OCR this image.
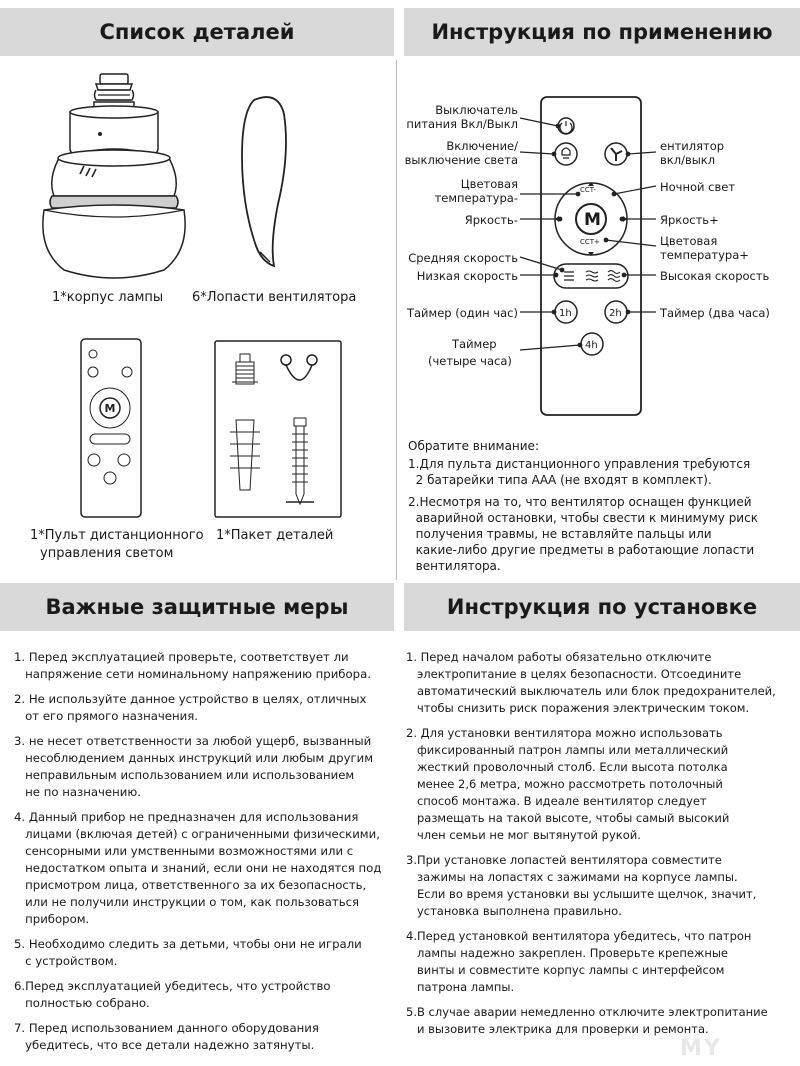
Список деталей	Инструкция по применению
Важные защитные меры	Инструкция по установке
1*корпус лампы 6*Лопасти вентилятора
M
1*Пульт дистанционного
управления светом
1*Пакет деталей
M
CCT-
CCT+
1h	2h
4h
Выключатель
питания Вкл/Выкл
Включение/
выключение света
Цветовая
температура-
Яркость-
Средняя скорость
Низкая скорость
Таймер (один час)
Таймер
(четыре часа)
ентилятор
вкл/выкл
Ночной свет
Яркость+
Цветовая
температура+
Высокая скорость
Таймер (два часа)
Обратите внимание:
1.Для пульта дистанционного управления требуются
2 батарейки типа ААА (не входят в комплект).
2.Несмотря на то, что вентилятор оснащен функцией
аварийной остановки, чтобы свести к минимуму риск
получения травмы, не вставляйте пальцы или
какие-либо другие предметы в работающие лопасти
вентилятора.
1. Перед эксплуатацией проверьте, соответствует ли
напряжение сети номинальному напряжению прибора.
2. Не используйте данное устройство в целях, отличных
от его прямого назначения.
3. не несет ответственности за любой ущерб, вызванный
несоблюдением данных инструкций или любым другим
неправильным использованием или использованием
не по назначению.
4. Данный прибор не предназначен для использования
лицами (включая детей) с ограниченными физическими,
сенсорными или умственными возможностями или с
недостатком опыта и знаний, если они не находятся под
присмотром лица, ответственного за их безопасность,
или не получили инструкции о том, как пользоваться
прибором.
5. Необходимо следить за детьми, чтобы они не играли
с устройством.
6.Перед эксплуатацией убедитесь, что устройство
полностью собрано.
7. Перед использованием данного оборудования
убедитесь, что все детали надежно затянуты.
1. Перед началом работы обязательно отключите
электропитание в целях безопасности. Отсоедините
автоматический выключатель или блок предохранителей,
чтобы снизить риск поражения электрическим током.
2. Для установки вентилятора можно использовать
фиксированный патрон лампы или металлический
жесткий проволочный столб. Если высота потолка
менее 2,6 метра, можно рассмотреть потолочный
способ монтажа. В идеале вентилятор следует
размещать на такой высоте, чтобы самый высокий
член семьи не мог вытянутой рукой.
3.При установке лопастей вентилятора совместите
зажимы на лопастях с зажимами на корпусе лампы.
Если во время установки вы услышите щелчок, значит,
установка выполнена правильно.
4.Перед установкой вентилятора убедитесь, что патрон
лампы надежно закреплен. Проверьте крепежные
винты и совместите корпус лампы с интерфейсом
патрона лампы.
5.В случае аварии немедленно отключите электропитание
и вызовите электрика для проверки и ремонта.
MY
